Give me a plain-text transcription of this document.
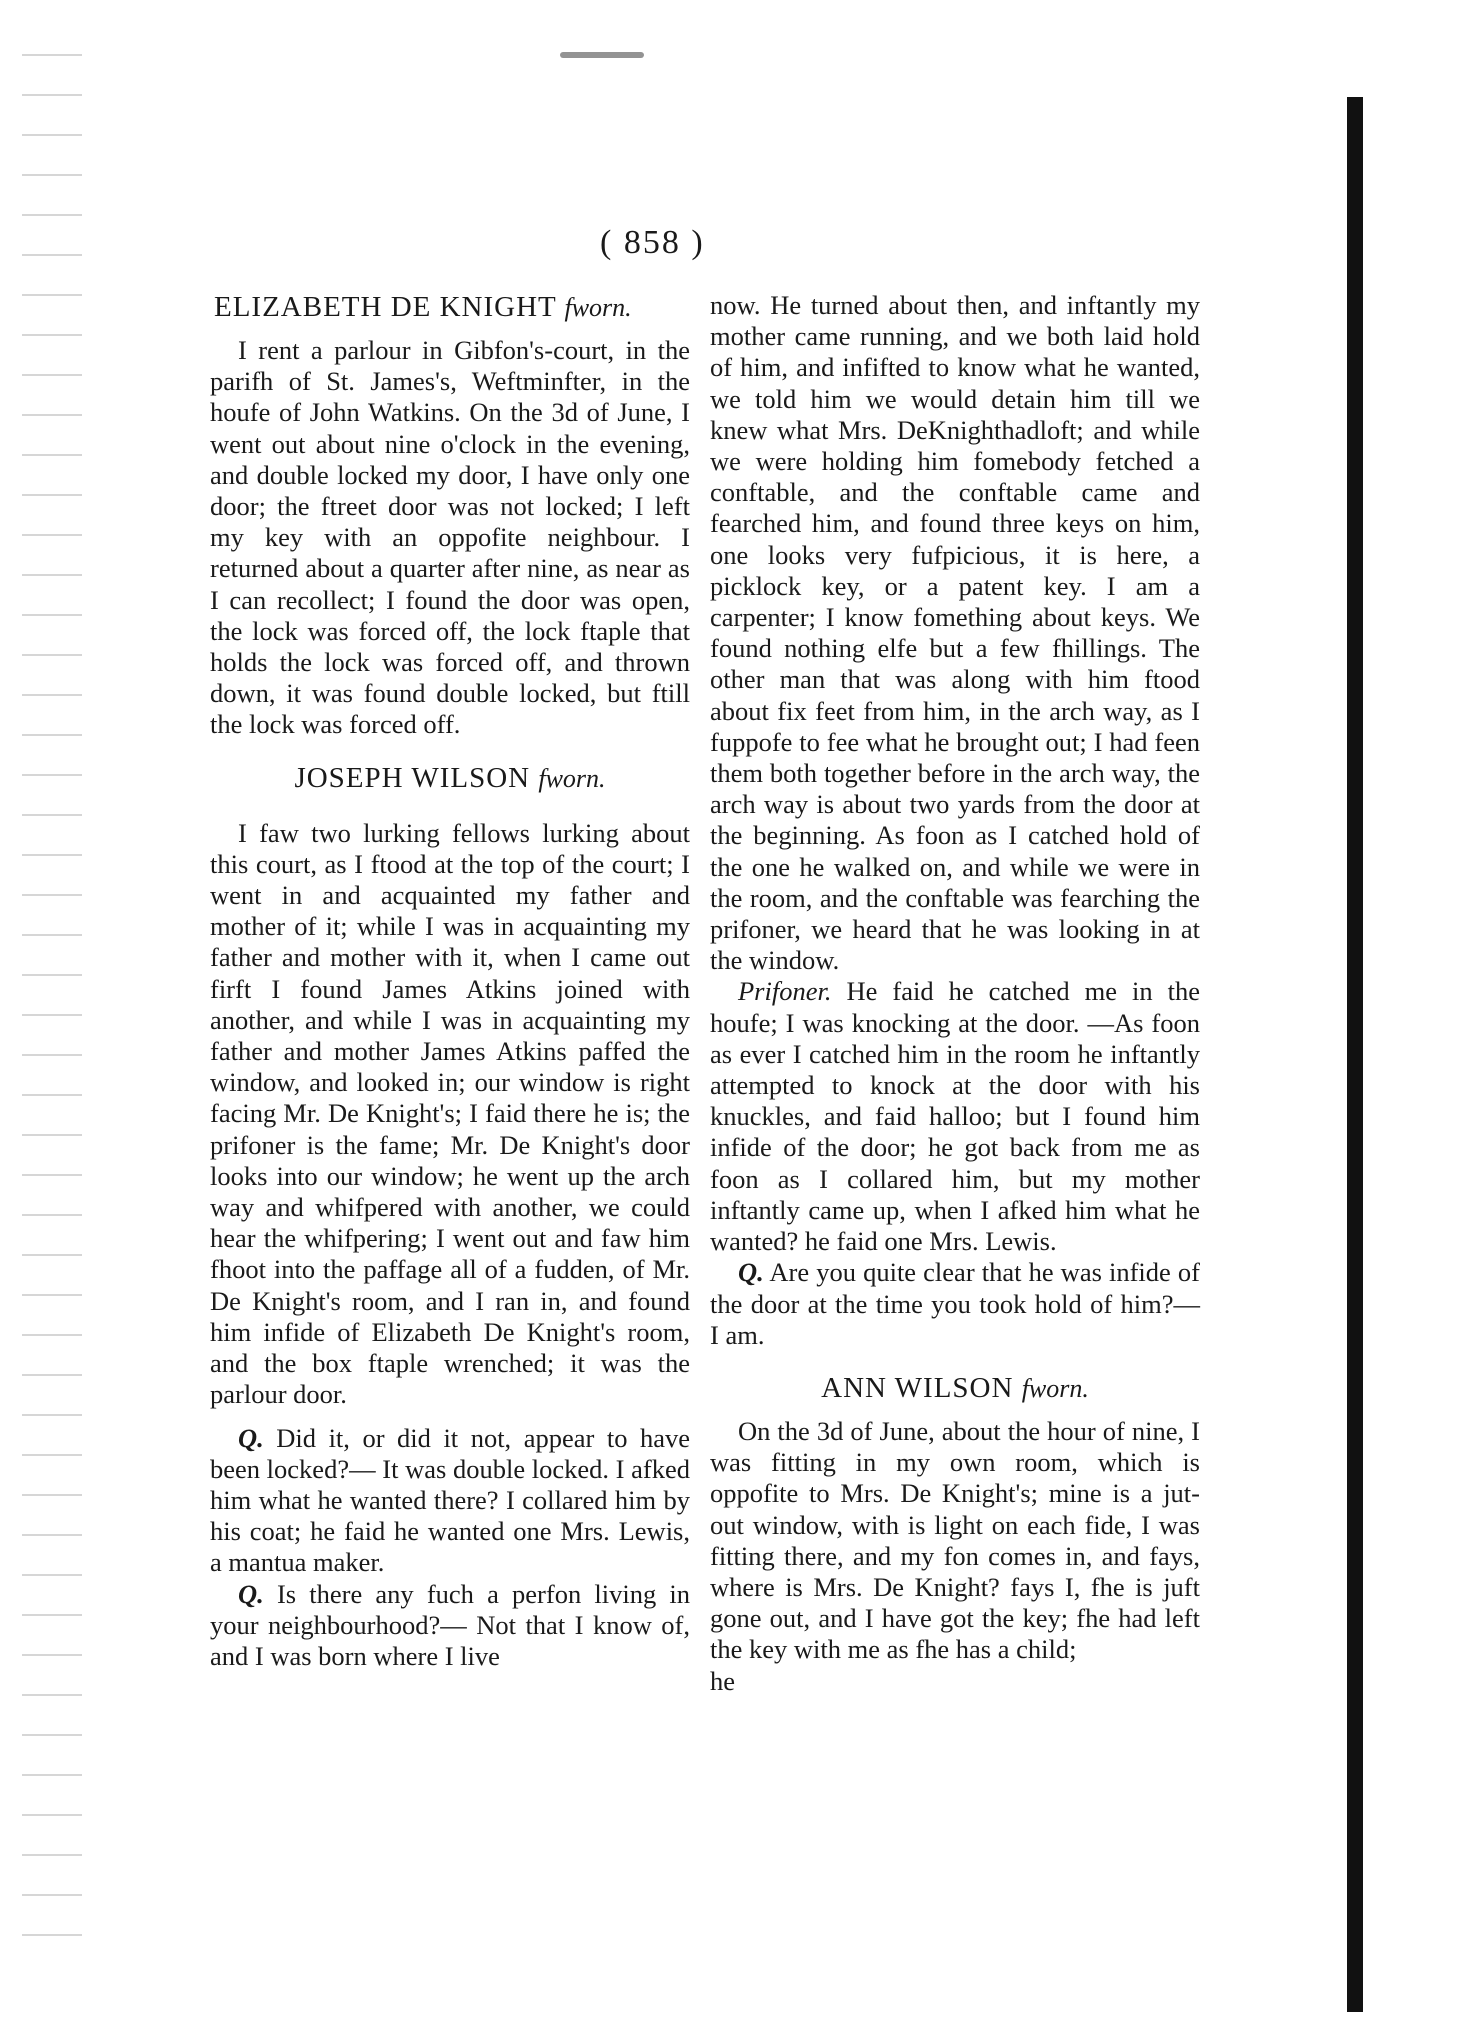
( 858 )
ELIZABETH DE KNIGHT fworn.

I rent a parlour in Gibfon's-court, in the parifh of St. James's, Weftminfter, in the houfe of John Watkins. On the 3d of June, I went out about nine o'clock in the evening, and double locked my door, I have only one door; the ftreet door was not locked; I left my key with an oppofite neighbour. I returned about a quarter after nine, as near as I can recollect; I found the door was open, the lock was forced off, the lock ftaple that holds the lock was forced off, and thrown down, it was found double locked, but ftill the lock was forced off.

JOSEPH WILSON fworn.

I faw two lurking fellows lurking about this court, as I ftood at the top of the court; I went in and acquainted my father and mother of it; while I was in acquainting my father and mother with it, when I came out firft I found James Atkins joined with another, and while I was in acquainting my father and mother James Atkins paffed the window, and looked in; our window is right facing Mr. De Knight's; I faid there he is; the prifoner is the fame; Mr. De Knight's door looks into our window; he went up the arch way and whifpered with another, we could hear the whifpering; I went out and faw him fhoot into the paffage all of a fudden, of Mr. De Knight's room, and I ran in, and found him infide of Elizabeth De Knight's room, and the box ftaple wrenched; it was the parlour door.

Q. Did it, or did it not, appear to have been locked?— It was double locked. I afked him what he wanted there? I collared him by his coat; he faid he wanted one Mrs. Lewis, a mantua maker.

Q. Is there any fuch a perfon living in your neighbourhood?— Not that I know of, and I was born where I live

now. He turned about then, and inftantly my mother came running, and we both laid hold of him, and infifted to know what he wanted, we told him we would detain him till we knew what Mrs. DeKnighthadloft; and while we were holding him fomebody fetched a conftable, and the conftable came and fearched him, and found three keys on him, one looks very fufpicious, it is here, a picklock key, or a patent key. I am a carpenter; I know fomething about keys. We found nothing elfe but a few fhillings. The other man that was along with him ftood about fix feet from him, in the arch way, as I fuppofe to fee what he brought out; I had feen them both together before in the arch way, the arch way is about two yards from the door at the beginning. As foon as I catched hold of the one he walked on, and while we were in the room, and the conftable was fearching the prifoner, we heard that he was looking in at the window.

Prifoner. He faid he catched me in the houfe; I was knocking at the door. —As foon as ever I catched him in the room he inftantly attempted to knock at the door with his knuckles, and faid halloo; but I found him infide of the door; he got back from me as foon as I collared him, but my mother inftantly came up, when I afked him what he wanted? he faid one Mrs. Lewis.

Q. Are you quite clear that he was infide of the door at the time you took hold of him?— I am.

ANN WILSON fworn.

On the 3d of June, about the hour of nine, I was fitting in my own room, which is oppofite to Mrs. De Knight's; mine is a jut-out window, with is light on each fide, I was fitting there, and my fon comes in, and fays, where is Mrs. De Knight? fays I, fhe is juft gone out, and I have got the key; fhe had left the key with me as fhe has a child;

he
